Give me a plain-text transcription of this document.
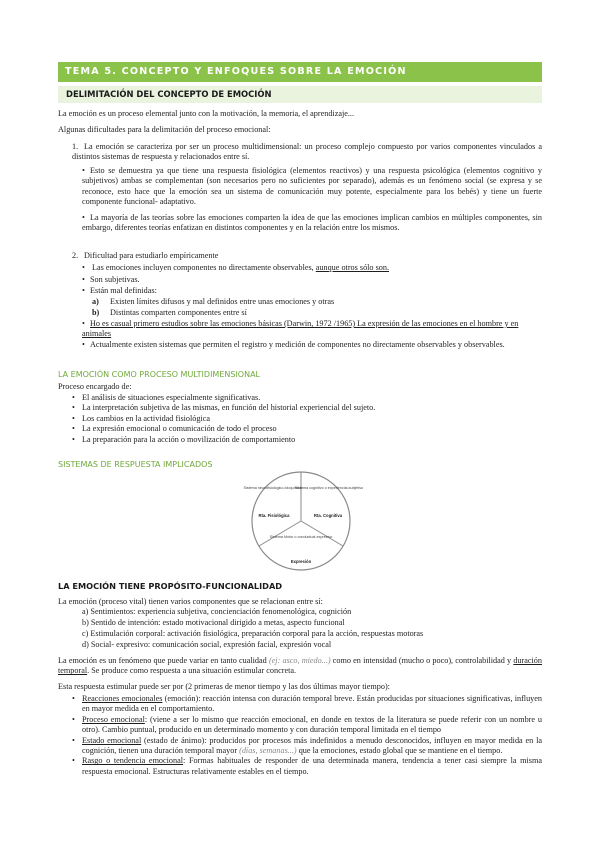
TEMA 5. CONCEPTO Y ENFOQUES SOBRE LA EMOCIÓN
DELIMITACIÓN DEL CONCEPTO DE EMOCIÓN
La emoción es un proceso elemental junto con la motivación, la memoria, el aprendizaje...
Algunas dificultades para la delimitación del proceso emocional:
1. La emoción se caracteriza por ser un proceso multidimensional: un proceso complejo compuesto por varios componentes vinculados a distintos sistemas de respuesta y relacionados entre sí.
• Esto se demuestra ya que tiene una respuesta fisiológica (elementos reactivos) y una respuesta psicológica (elementos cognitivo y subjetivos) ambas se complementan (son necesarios pero no suficientes por separado), además es un fenómeno social (se expresa y se reconoce, esto hace que la emoción sea un sistema de comunicación muy potente, especialmente para los bebés) y tiene un fuerte componente funcional- adaptativo.
• La mayoría de las teorías sobre las emociones comparten la idea de que las emociones implican cambios en múltiples componentes, sin embargo, diferentes teorías enfatizan en distintos componentes y en la relación entre los mismos.
2. Dificultad para estudiarlo empíricamente
• Las emociones incluyen componentes no directamente observables, aunque otros sólo son.
• Son subjetivas.
• Están mal definidas:
a) Existen límites difusos y mal definidos entre unas emociones y otras
b) Distintas comparten componentes entre sí
• Ho es casual primero estudios sobre las emociones básicas (Darwin, 1972 /1965) La expresión de las emociones en el hombre y en animales
• Actualmente existen sistemas que permiten el registro y medición de componentes no directamente observables y observables.
LA EMOCIÓN COMO PROCESO MULTIDIMENSIONAL
Proceso encargado de:
• El análisis de situaciones especialmente significativas.
• La interpretación subjetiva de las mismas, en función del historial experiencial del sujeto.
• Los cambios en la actividad fisiológica
• La expresión emocional o comunicación de todo el proceso
• La preparación para la acción o movilización de comportamiento
SISTEMAS DE RESPUESTA IMPLICADOS
Sistema neurofisiológico-bioquímico
Rta. Fisiológica
Sistema cognitivo o experiencial-subjetivo
Rta. Cognitiva
Sistema Motor o conductual-expresivo
Expresión
LA EMOCIÓN TIENE PROPÓSITO-FUNCIONALIDAD
La emoción (proceso vital) tienen varios componentes que se relacionan entre sí:
a) Sentimientos: experiencia subjetiva, concienciación fenomenológica, cognición
b) Sentido de intención: estado motivacional dirigido a metas, aspecto funcional
c) Estimulación corporal: activación fisiológica, preparación corporal para la acción, respuestas motoras
d) Social- expresivo: comunicación social, expresión facial, expresión vocal
La emoción es un fenómeno que puede variar en tanto cualidad (ej: asco, miedo...) como en intensidad (mucho o poco), controlabilidad y duración temporal. Se produce como respuesta a una situación estimular concreta.
Esta respuesta estimular puede ser por (2 primeras de menor tiempo y las dos últimas mayor tiempo):
• Reacciones emocionales (emoción): reacción intensa con duración temporal breve. Están producidas por situaciones significativas, influyen en mayor medida en el comportamiento.
• Proceso emocional: (viene a ser lo mismo que reacción emocional, en donde en textos de la literatura se puede referir con un nombre u otro). Cambio puntual, producido en un determinado momento y con duración temporal limitada en el tiempo
• Estado emocional (estado de ánimo): producidos por procesos más indefinidos a menudo desconocidos, influyen en mayor medida en la cognición, tienen una duración temporal mayor (días, semanas...) que la emociones, estado global que se mantiene en el tiempo.
• Rasgo o tendencia emocional: Formas habituales de responder de una determinada manera, tendencia a tener casi siempre la misma respuesta emocional. Estructuras relativamente estables en el tiempo.
